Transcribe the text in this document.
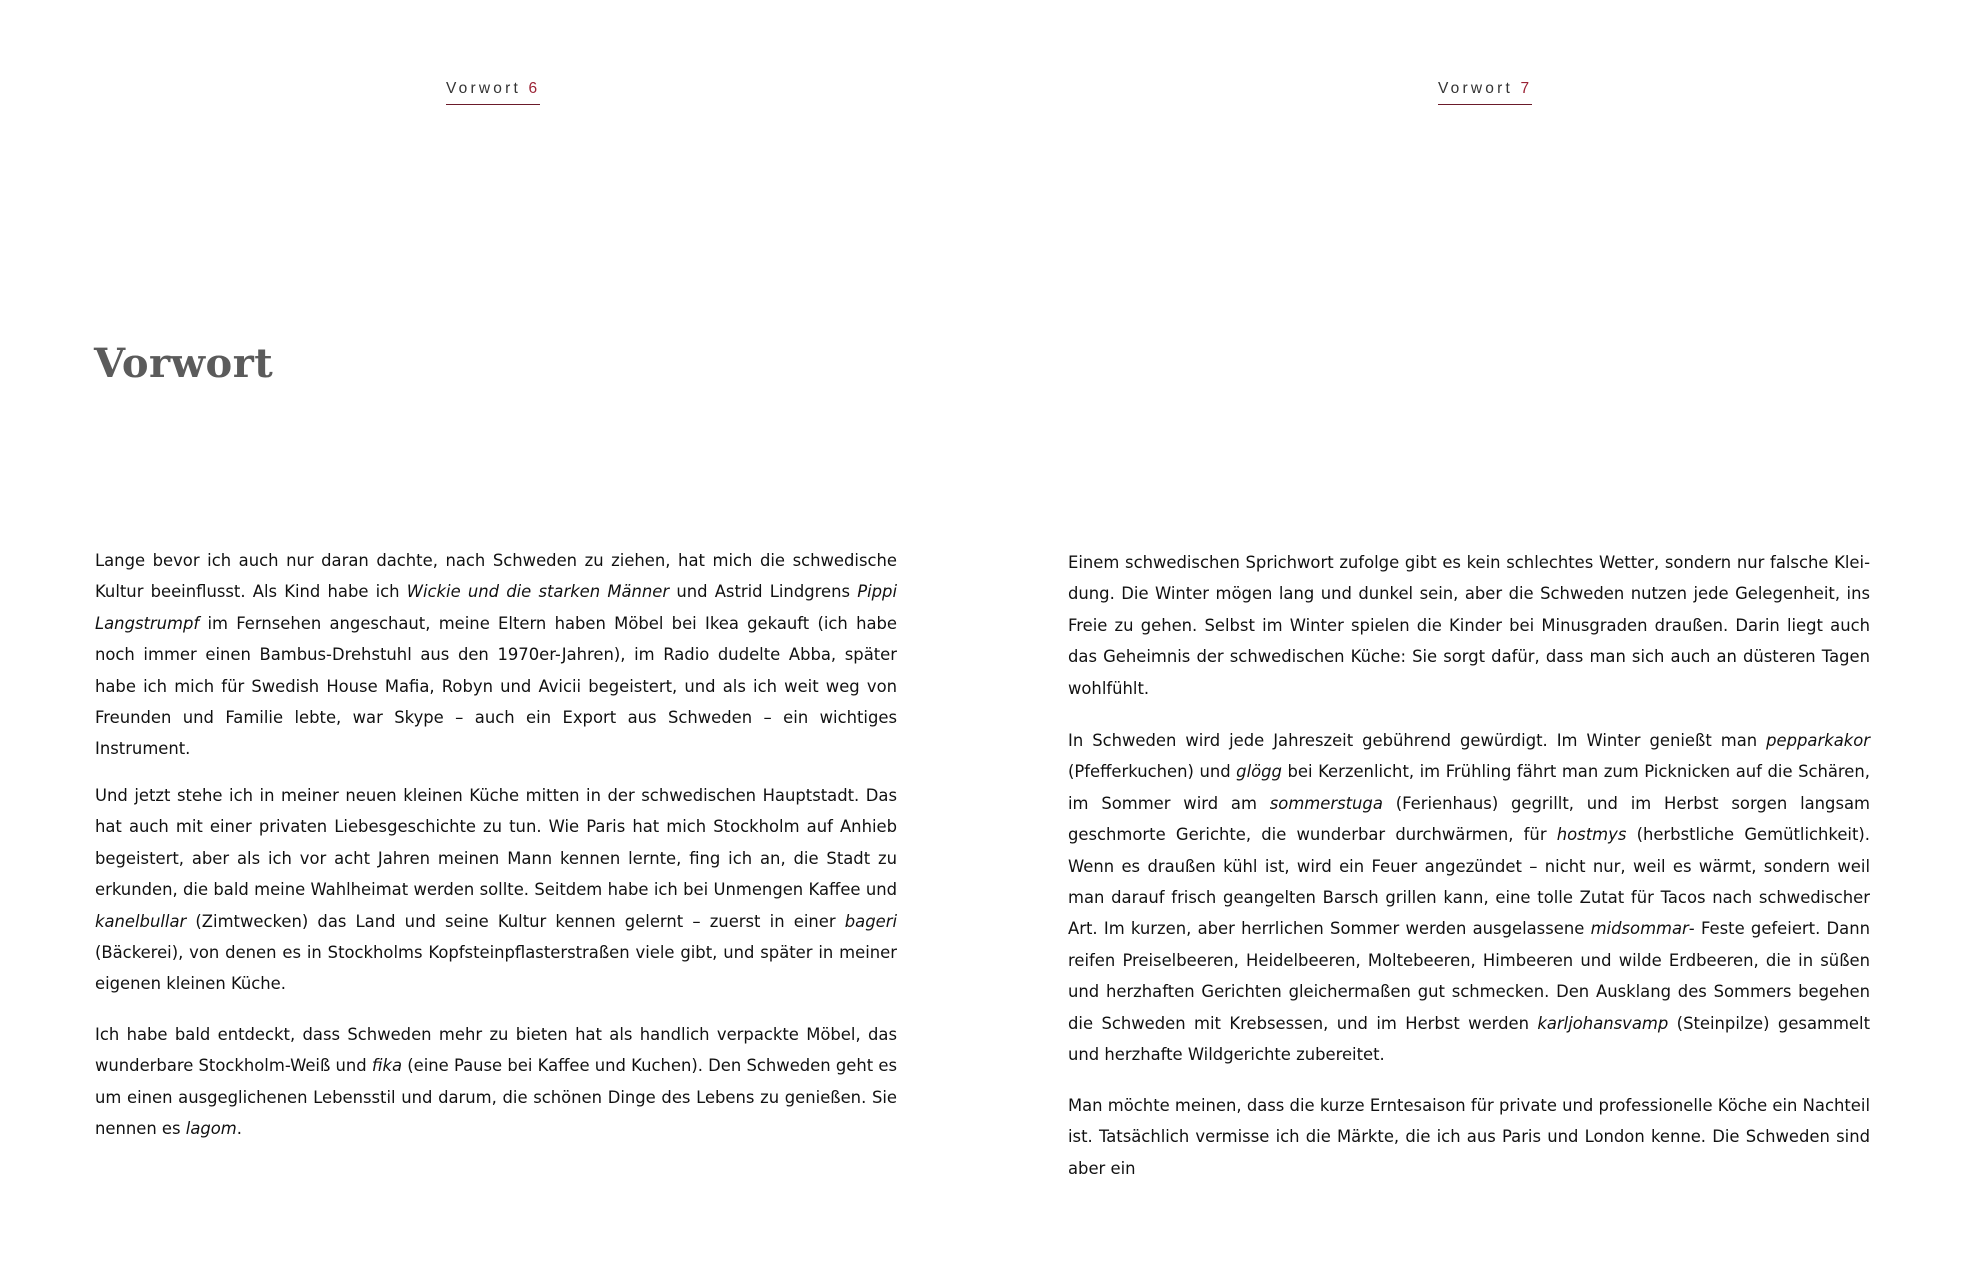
Vorwort 6
Vorwort

Lange bevor ich auch nur daran dachte, nach Schweden zu ziehen, hat mich die schwedische Kultur beeinflusst. Als Kind habe ich Wickie und die starken Männer und Astrid Lindgrens Pippi Langstrumpf im Fernsehen angeschaut, meine Eltern haben Möbel bei Ikea gekauft (ich habe noch immer einen Bambus-Drehstuhl aus den 1970er-Jahren), im Radio dudelte Abba, später habe ich mich für Swedish House Mafia, Robyn und Avicii begeistert, und als ich weit weg von Freunden und Familie lebte, war Skype – auch ein Export aus Schweden – ein wichtiges Instrument.

Und jetzt stehe ich in meiner neuen kleinen Küche mitten in der schwedischen Hauptstadt. Das hat auch mit einer privaten Liebesgeschichte zu tun. Wie Paris hat mich Stockholm auf Anhieb begeistert, aber als ich vor acht Jahren meinen Mann kennen lernte, fing ich an, die Stadt zu erkunden, die bald meine Wahlheimat werden sollte. Seitdem habe ich bei Unmengen Kaffee und kanelbullar (Zimtwecken) das Land und seine Kultur kennen gelernt – zuerst in einer bageri (Bäckerei), von denen es in Stockholms Kopfsteinpflasterstraßen viele gibt, und später in meiner eigenen kleinen Küche.

Ich habe bald entdeckt, dass Schweden mehr zu bieten hat als handlich verpackte Möbel, das wunderbare Stockholm-Weiß und fika (eine Pause bei Kaffee und Kuchen). Den Schweden geht es um einen ausgeglichenen Lebensstil und darum, die schönen Dinge des Lebens zu genießen. Sie nennen es lagom.

Vorwort 7

Einem schwedischen Sprichwort zufolge gibt es kein schlechtes Wetter, sondern nur falsche Kleidung. Die Winter mögen lang und dunkel sein, aber die Schweden nutzen jede Gelegenheit, ins Freie zu gehen. Selbst im Winter spielen die Kinder bei Minusgraden draußen. Darin liegt auch das Geheimnis der schwedischen Küche: Sie sorgt dafür, dass man sich auch an düsteren Tagen wohlfühlt.

In Schweden wird jede Jahreszeit gebührend gewürdigt. Im Winter genießt man pepparkakor (Pfefferkuchen) und glögg bei Kerzenlicht, im Frühling fährt man zum Picknicken auf die Schären, im Sommer wird am sommerstuga (Ferienhaus) gegrillt, und im Herbst sorgen langsam geschmorte Gerichte, die wunderbar durchwärmen, für hostmys (herbstliche Gemütlichkeit). Wenn es draußen kühl ist, wird ein Feuer angezündet – nicht nur, weil es wärmt, sondern weil man darauf frisch geangelten Barsch grillen kann, eine tolle Zutat für Tacos nach schwedischer Art. Im kurzen, aber herrlichen Sommer werden ausgelassene midsommar- Feste gefeiert. Dann reifen Preiselbeeren, Heidelbeeren, Moltebeeren, Himbeeren und wilde Erdbeeren, die in süßen und herzhaften Gerichten gleichermaßen gut schmecken. Den Ausklang des Sommers begehen die Schweden mit Krebsessen, und im Herbst werden karljohansvamp (Steinpilze) gesammelt und herzhafte Wildgerichte zubereitet.

Man möchte meinen, dass die kurze Erntesaison für private und professionelle Köche ein Nachteil ist. Tatsächlich vermisse ich die Märkte, die ich aus Paris und London kenne. Die Schweden sind aber ein
